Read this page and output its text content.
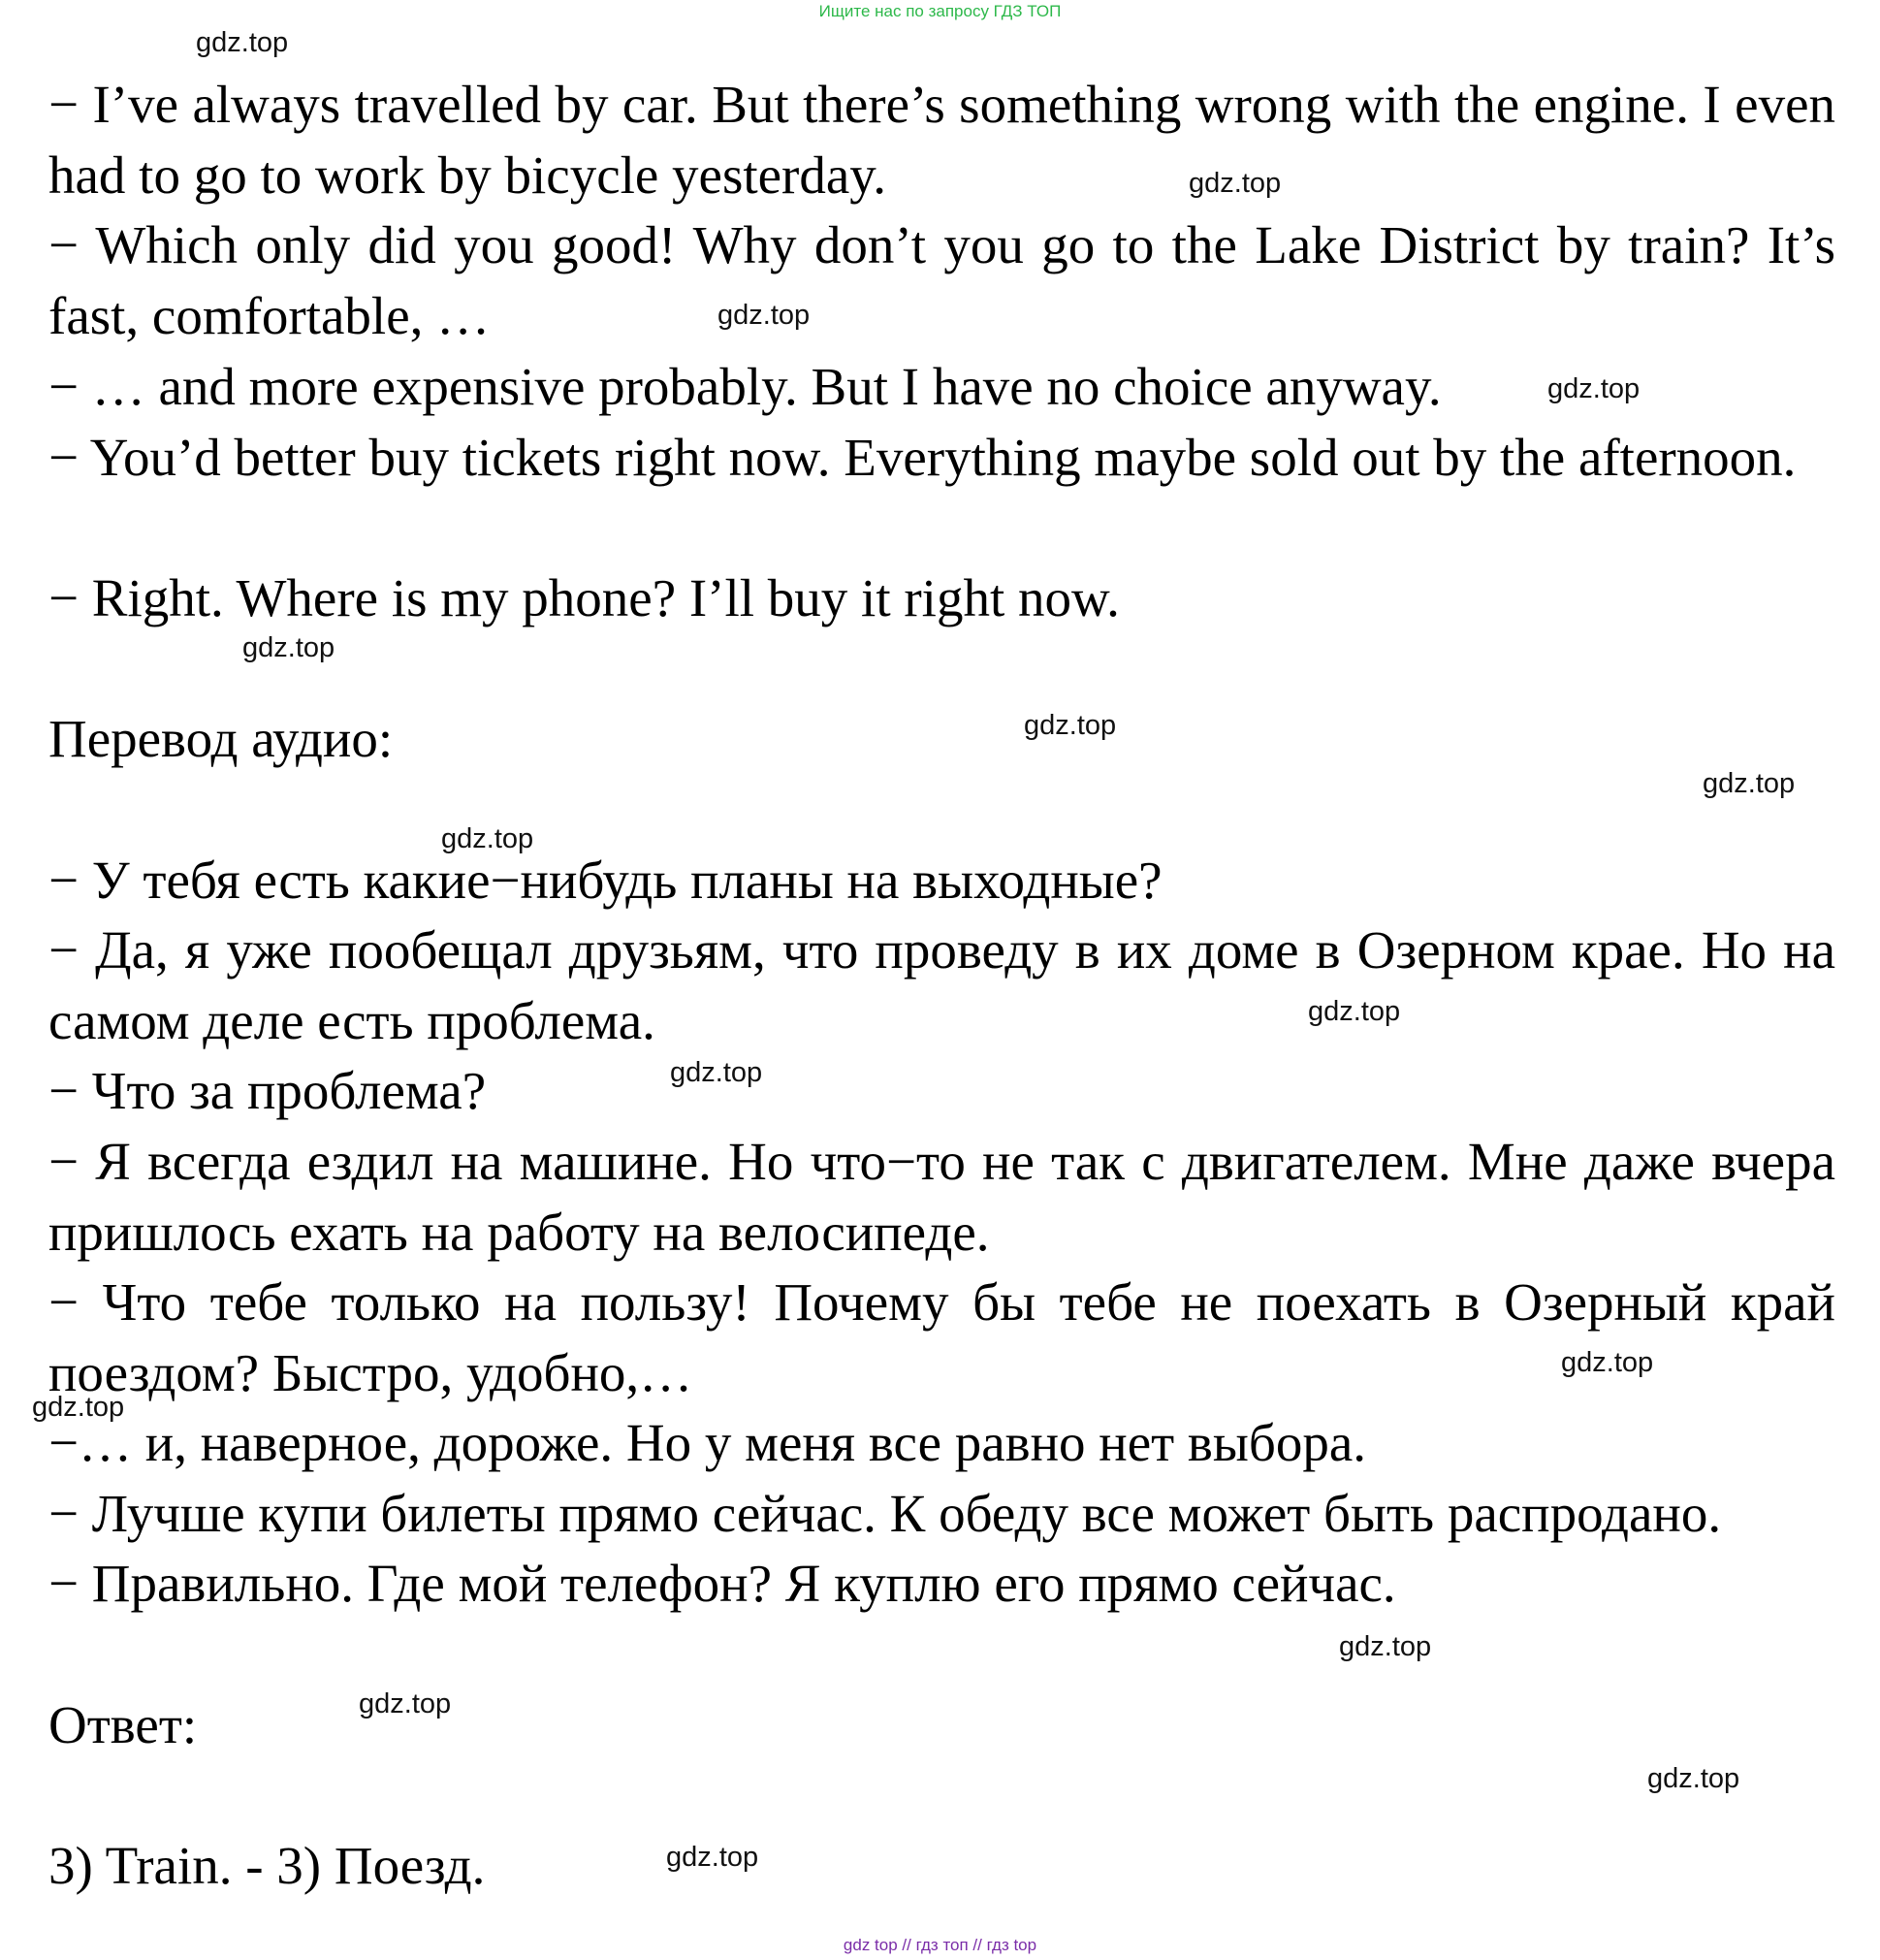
Ищите нас по запросу ГДЗ ТОП

− I’ve always travelled by car. But there’s something wrong with the engine. I even had to go to work by bicycle yesterday.

− Which only did you good! Why don’t you go to the Lake District by train? It’s fast, comfortable, …

− … and more expensive probably. But I have no choice anyway.

− You’d better buy tickets right now. Everything maybe sold out by the afternoon.

− Right. Where is my phone? I’ll buy it right now.

Перевод аудио:

− У тебя есть какие−нибудь планы на выходные?

− Да, я уже пообещал друзьям, что проведу в их доме в Озерном крае. Но на самом деле есть проблема.

− Что за проблема?

− Я всегда ездил на машине. Но что−то не так с двигателем. Мне даже вчера пришлось ехать на работу на велосипеде.

− Что тебе только на пользу! Почему бы тебе не поехать в Озерный край поездом? Быстро, удобно,…

−… и, наверное, дороже. Но у меня все равно нет выбора.

− Лучше купи билеты прямо сейчас. К обеду все может быть распродано.

− Правильно. Где мой телефон? Я куплю его прямо сейчас.

Ответ:

3) Train. - 3) Поезд.

gdz.top
gdz.top
gdz.top
gdz.top
gdz.top
gdz.top
gdz.top
gdz.top
gdz.top
gdz.top
gdz.top
gdz.top
gdz.top
gdz.top
gdz.top
gdz.top
gdz top // гдз топ // гдз top
